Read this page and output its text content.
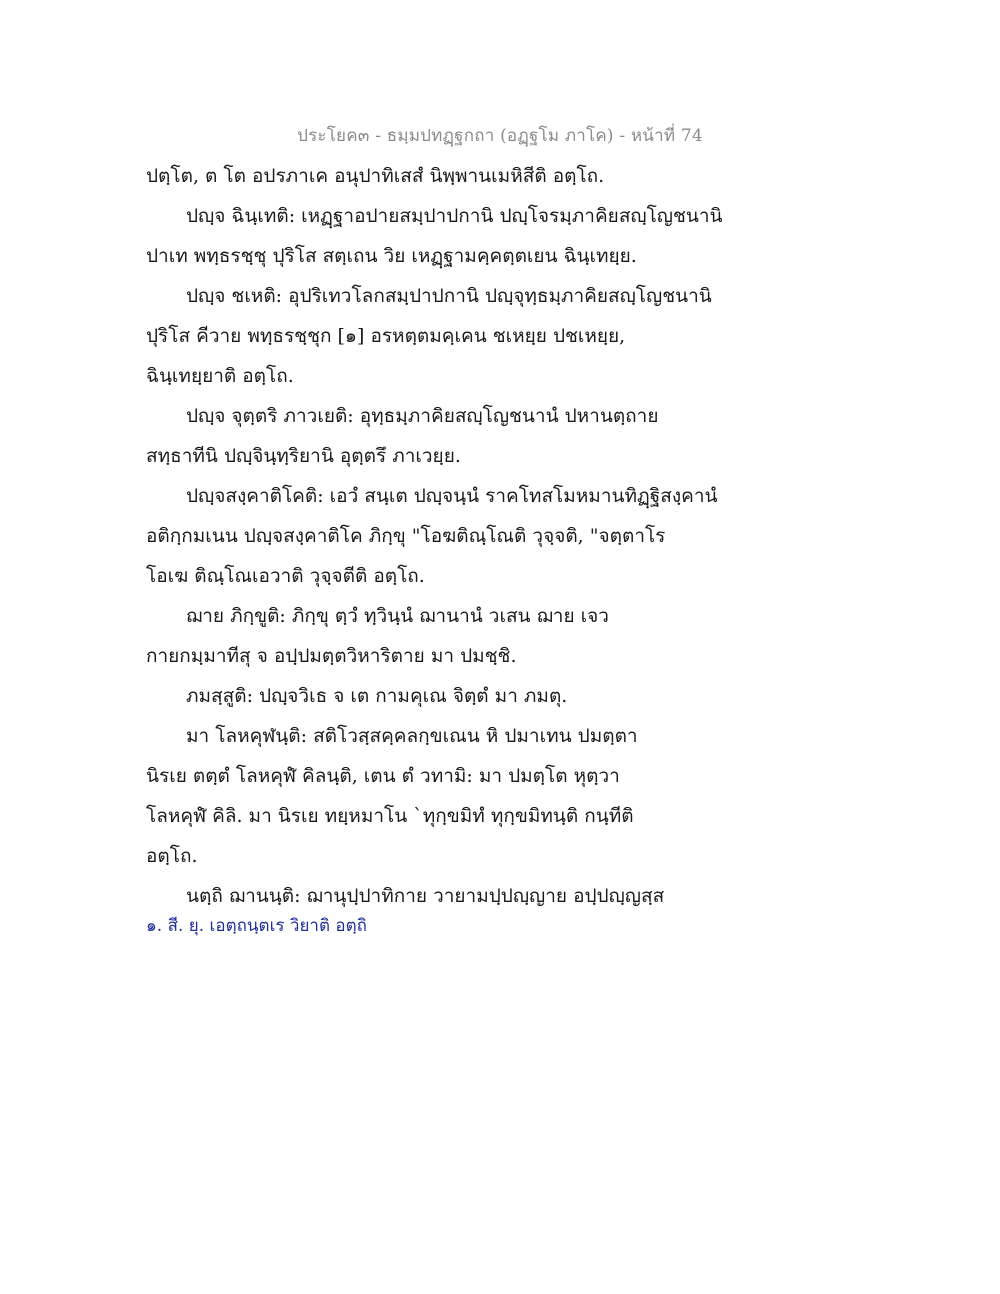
ประโยค๓ - ธมฺมปทฏฺฐกถา (อฏฺฐโม ภาโค) - หน้าที่ 74
ปตฺโต, ต โต อปรภาเค อนุปาทิเสสํ นิพฺพานเมหิสีติ อตฺโถ.
ปญฺจ ฉินฺเทติ: เหฏฺฐาอปายสมฺปาปกานิ ปญฺโจรมฺภาคิยสญฺโญชนานิ
ปาเท พทฺธรชฺชุ ปุริโส สตฺเถน วิย เหฏฺฐามคฺคตฺตเยน ฉินฺเทยฺย.
ปญฺจ ชเหติ: อุปริเทวโลกสมฺปาปกานิ ปญฺจุทฺธมฺภาคิยสญฺโญชนานิ
ปุริโส คีวาย พทฺธรชฺชุก [๑] อรหตฺตมคฺเคน ชเหยฺย ปชเหยฺย,
ฉินฺเทยฺยาติ อตฺโถ.
ปญฺจ จุตฺตริ ภาวเยติ: อุทฺธมฺภาคิยสญฺโญชนานํ ปหานตฺถาย
สทฺธาทีนิ ปญฺจินฺทฺริยานิ อุตฺตรึ ภาเวยฺย.
ปญฺจสงฺคาติโคติ: เอวํ สนฺเต ปญฺจนฺนํ ราคโทสโมหมานทิฏฺฐิสงฺคานํ
อติกฺกมเนน ปญฺจสงฺคาติโค ภิกฺขุ "โอฆติณฺโณติ วุจฺจติ, "จตฺตาโร
โอเฆ ติณฺโณเอวาติ วุจฺจตีติ อตฺโถ.
ฌาย ภิกฺขูติ: ภิกฺขุ ตฺวํ ทฺวินฺนํ ฌานานํ วเสน ฌาย เจว
กายกมฺมาทีสุ จ อปฺปมตฺตวิหาริตาย มา ปมชฺชิ.
ภมสฺสูติ: ปญฺจวิเธ จ เต กามคุเณ จิตฺตํ มา ภมตุ.
มา โลหคุฬนฺติ: สติโวสฺสคฺคลกฺขเณน หิ ปมาเทน ปมตฺตา
นิรเย ตตฺตํ โลหคุฬํ คิลนฺติ, เตน ตํ วทามิ: มา ปมตฺโต หุตฺวา
โลหคุฬํ คิลิ. มา นิรเย ทยฺหมาโน `ทุกฺขมิทํ ทุกฺขมิทนฺติ กนฺทีติ
อตฺโถ.
นตฺถิ ฌานนฺติ: ฌานุปฺปาทิกาย วายามปฺปญฺญาย อปฺปญฺญสฺส
๑. สี. ยุ. เอตฺถนฺตเร วิยาติ อตฺถิ
